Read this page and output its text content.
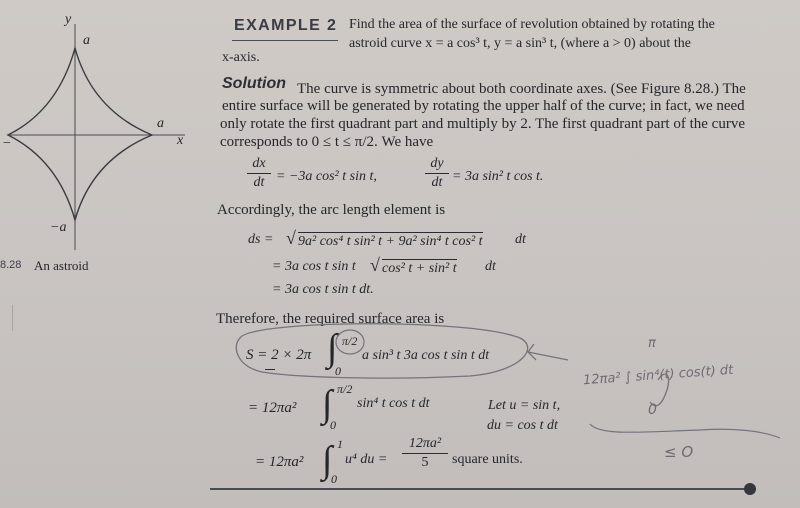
y
a
a
x
−
−a
8.28 An astroid
EXAMPLE 2 Find the area of the surface of revolution obtained by rotating the
astroid curve x = a cos³ t, y = a sin³ t, (where a > 0) about the
x-axis.
Solution The curve is symmetric about both coordinate axes. (See Figure 8.28.) The
entire surface will be generated by rotating the upper half of the curve; in fact, we need
only rotate the first quadrant part and multiply by 2. The first quadrant part of the curve
corresponds to 0 ≤ t ≤ π/2. We have
dx
dt = −3a cos² t sin t,
dy
dt = 3a sin² t cos t.
Accordingly, the arc length element is
ds = √ 9a² cos⁴ t sin² t + 9a² sin⁴ t cos² t dt
= 3a cos t sin t √ cos² t + sin² t dt
= 3a cos t sin t dt.
Therefore, the required surface area is
S = 2 × 2π ∫ π/2
0
a sin³ t 3a cos t sin t dt
= 12πa² ∫ π/2
0
sin⁴ t cos t dt	Let u = sin t,
du = cos t dt
= 12πa² ∫ 1
0
u⁴ du =
12πa²
5	square units.
π
12πa² ∫ sin⁴(t) cos(t) dt
0
≤ O
